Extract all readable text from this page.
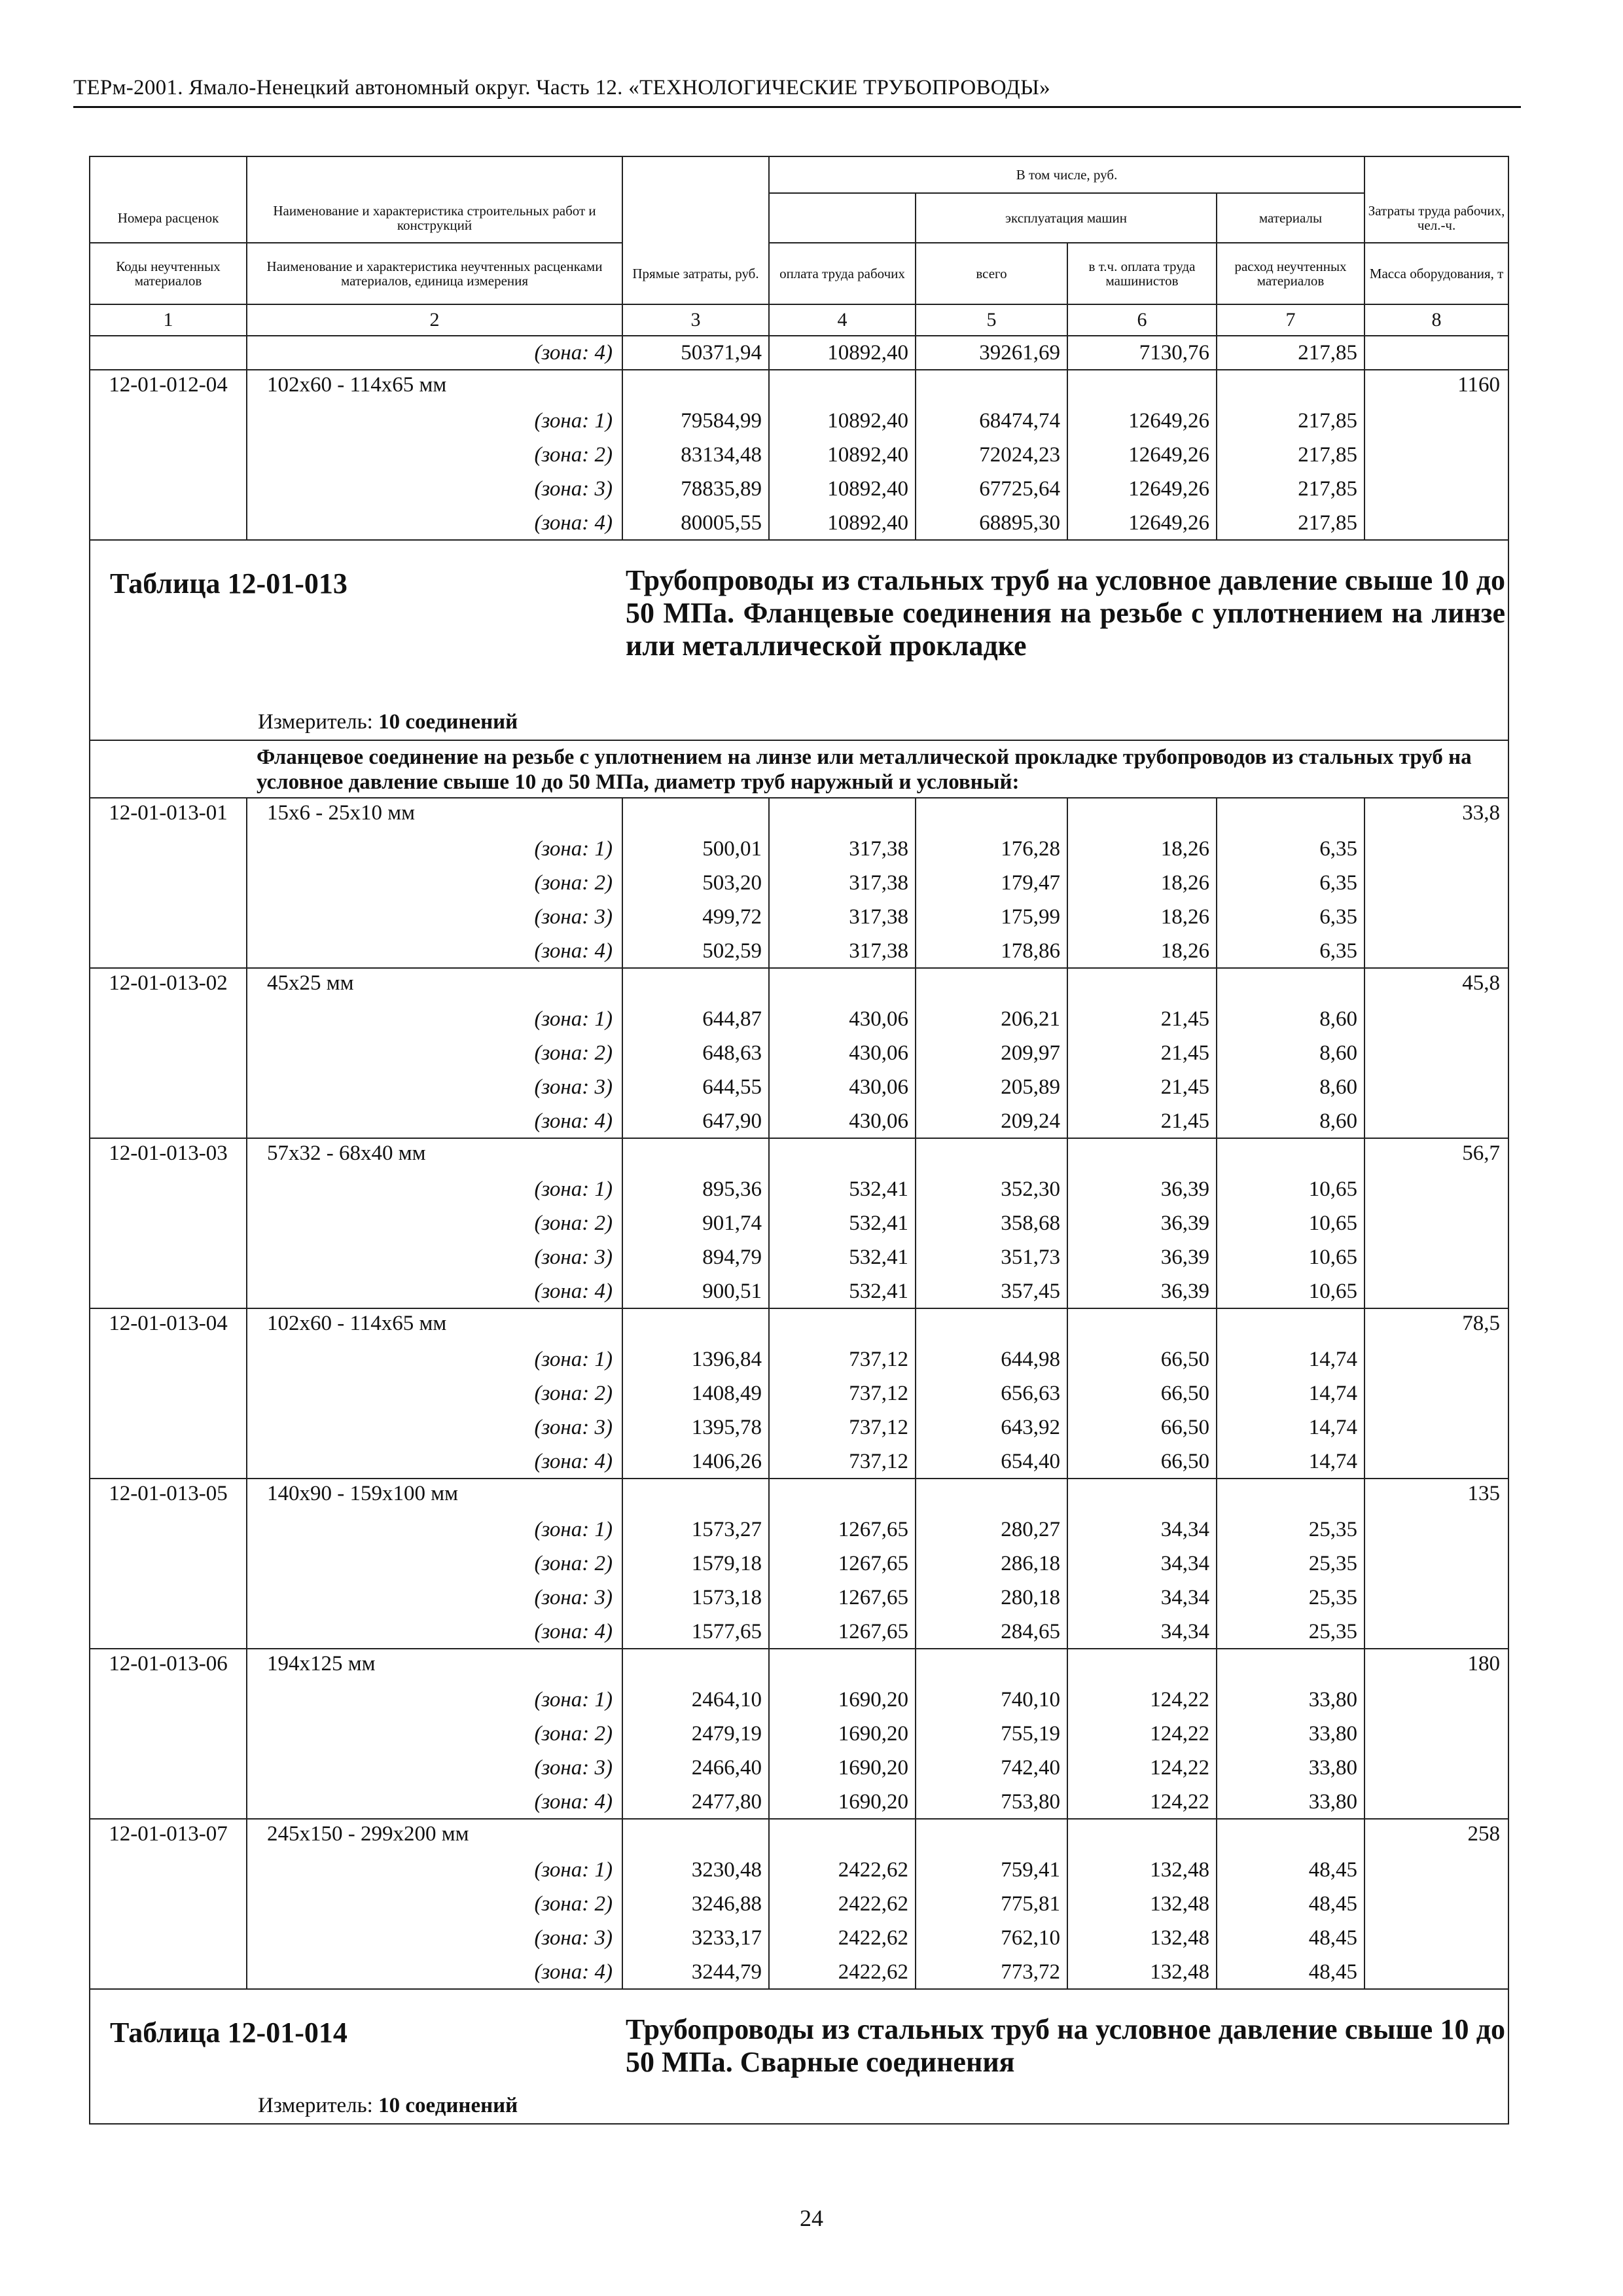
ТЕРм-2001. Ямало-Ненецкий автономный округ. Часть 12. «ТЕХНОЛОГИЧЕСКИЕ ТРУБОПРОВОДЫ»
			В том числе, руб.				
Номера расценок	Наименование и характеристика строительных работ и конструкций			эксплуатация машин		материалы	Затраты труда рабочих, чел.-ч.
Коды неучтенных материалов	Наименование и характеристика неучтенных расценками материалов, единица измерения	Прямые затраты, руб.	оплата труда рабочих	всего	в т.ч. оплата труда машинистов	расход неучтенных материалов	Масса оборудования, т
1	2	3	4	5	6	7	8
	(зона: 4)	50371,94	10892,40	39261,69	7130,76	217,85	
12-01-012-04	102х60 - 114х65 мм						1160
	(зона: 1)	79584,99	10892,40	68474,74	12649,26	217,85	
	(зона: 2)	83134,48	10892,40	72024,23	12649,26	217,85	
	(зона: 3)	78835,89	10892,40	67725,64	12649,26	217,85	
	(зона: 4)	80005,55	10892,40	68895,30	12649,26	217,85	

Таблица 12-01-013 Трубопроводы из стальных труб на условное давление свыше 10 до 50 МПа. Фланцевые соединения на резьбе с уплотнением на линзе или металлической прокладке
Измеритель: 10 соединений							

Фланцевое соединение на резьбе с уплотнением на линзе или металлической прокладке трубопроводов из стальных труб на условное давление свыше 10 до 50 МПа, диаметр труб наружный и условный:							
12-01-013-01	15х6 - 25х10 мм						33,8
	(зона: 1)	500,01	317,38	176,28	18,26	6,35	
	(зона: 2)	503,20	317,38	179,47	18,26	6,35	
	(зона: 3)	499,72	317,38	175,99	18,26	6,35	
	(зона: 4)	502,59	317,38	178,86	18,26	6,35	
12-01-013-02	45х25 мм						45,8
	(зона: 1)	644,87	430,06	206,21	21,45	8,60	
	(зона: 2)	648,63	430,06	209,97	21,45	8,60	
	(зона: 3)	644,55	430,06	205,89	21,45	8,60	
	(зона: 4)	647,90	430,06	209,24	21,45	8,60	
12-01-013-03	57х32 - 68х40 мм						56,7
	(зона: 1)	895,36	532,41	352,30	36,39	10,65	
	(зона: 2)	901,74	532,41	358,68	36,39	10,65	
	(зона: 3)	894,79	532,41	351,73	36,39	10,65	
	(зона: 4)	900,51	532,41	357,45	36,39	10,65	
12-01-013-04	102х60 - 114х65 мм						78,5
	(зона: 1)	1396,84	737,12	644,98	66,50	14,74	
	(зона: 2)	1408,49	737,12	656,63	66,50	14,74	
	(зона: 3)	1395,78	737,12	643,92	66,50	14,74	
	(зона: 4)	1406,26	737,12	654,40	66,50	14,74	
12-01-013-05	140х90 - 159х100 мм						135
	(зона: 1)	1573,27	1267,65	280,27	34,34	25,35	
	(зона: 2)	1579,18	1267,65	286,18	34,34	25,35	
	(зона: 3)	1573,18	1267,65	280,18	34,34	25,35	
	(зона: 4)	1577,65	1267,65	284,65	34,34	25,35	
12-01-013-06	194х125 мм						180
	(зона: 1)	2464,10	1690,20	740,10	124,22	33,80	
	(зона: 2)	2479,19	1690,20	755,19	124,22	33,80	
	(зона: 3)	2466,40	1690,20	742,40	124,22	33,80	
	(зона: 4)	2477,80	1690,20	753,80	124,22	33,80	
12-01-013-07	245х150 - 299х200 мм						258
	(зона: 1)	3230,48	2422,62	759,41	132,48	48,45	
	(зона: 2)	3246,88	2422,62	775,81	132,48	48,45	
	(зона: 3)	3233,17	2422,62	762,10	132,48	48,45	
	(зона: 4)	3244,79	2422,62	773,72	132,48	48,45	

Таблица 12-01-014 Трубопроводы из стальных труб на условное давление свыше 10 до 50 МПа. Сварные соединения
Измеритель: 10 соединений							
24
